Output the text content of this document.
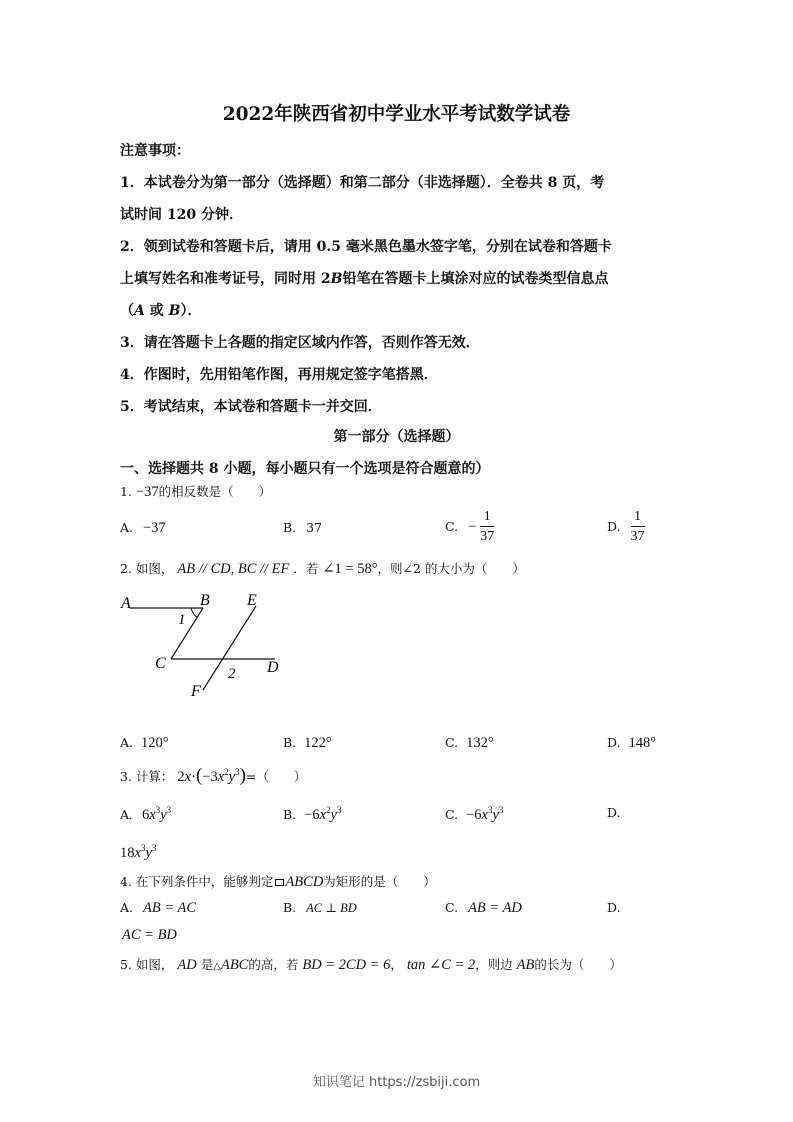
2022年陕西省初中学业水平考试数学试卷
注意事项：
1．本试卷分为第一部分（选择题）和第二部分（非选择题）．全卷共 8 页，考
试时间 120 分钟．
2．领到试卷和答题卡后，请用 0.5 毫米黑色墨水签字笔，分别在试卷和答题卡
上填写姓名和准考证号，同时用 2B铅笔在答题卡上填涂对应的试卷类型信息点
（A 或 B）．
3．请在答题卡上各题的指定区域内作答，否则作答无效．
4．作图时，先用铅笔作图，再用规定签字笔搭黑．
5．考试结束，本试卷和答题卡一并交回．
第一部分（选择题）
一、选择题共 8 小题，每小题只有一个选项是符合题意的）
1. −37的相反数是（　　）
A. −37	B. 37	C. − $\frac{1}{37}$	D. $\frac{1}{37}$
2. 如图， AB // CD, BC // EF ．若 ∠1 = 58°，则∠2 的大小为（　　）
A	B E
1
C
2 D
F
A. 120°	B. 122°	C. 132°	D. 148°
3. 计算： $2x\cdot(-3x^2y^3)=$（　　）
A． $6x^3y^3$	B. $-6x^2y^3$	C. $-6x^3y^3$	D.
$18x^3y^3$
4. 在下列条件中，能够判定 ABCD为矩形的是（　　）
A. AB = AC	B. AC ⊥ BD	C. AB = AD	D.
AC = BD
5. 如图， AD 是△ABC的高，若 BD = 2CD = 6， tan ∠C = 2，则边 AB的长为（　　）
知识笔记 https://zsbiji.com
